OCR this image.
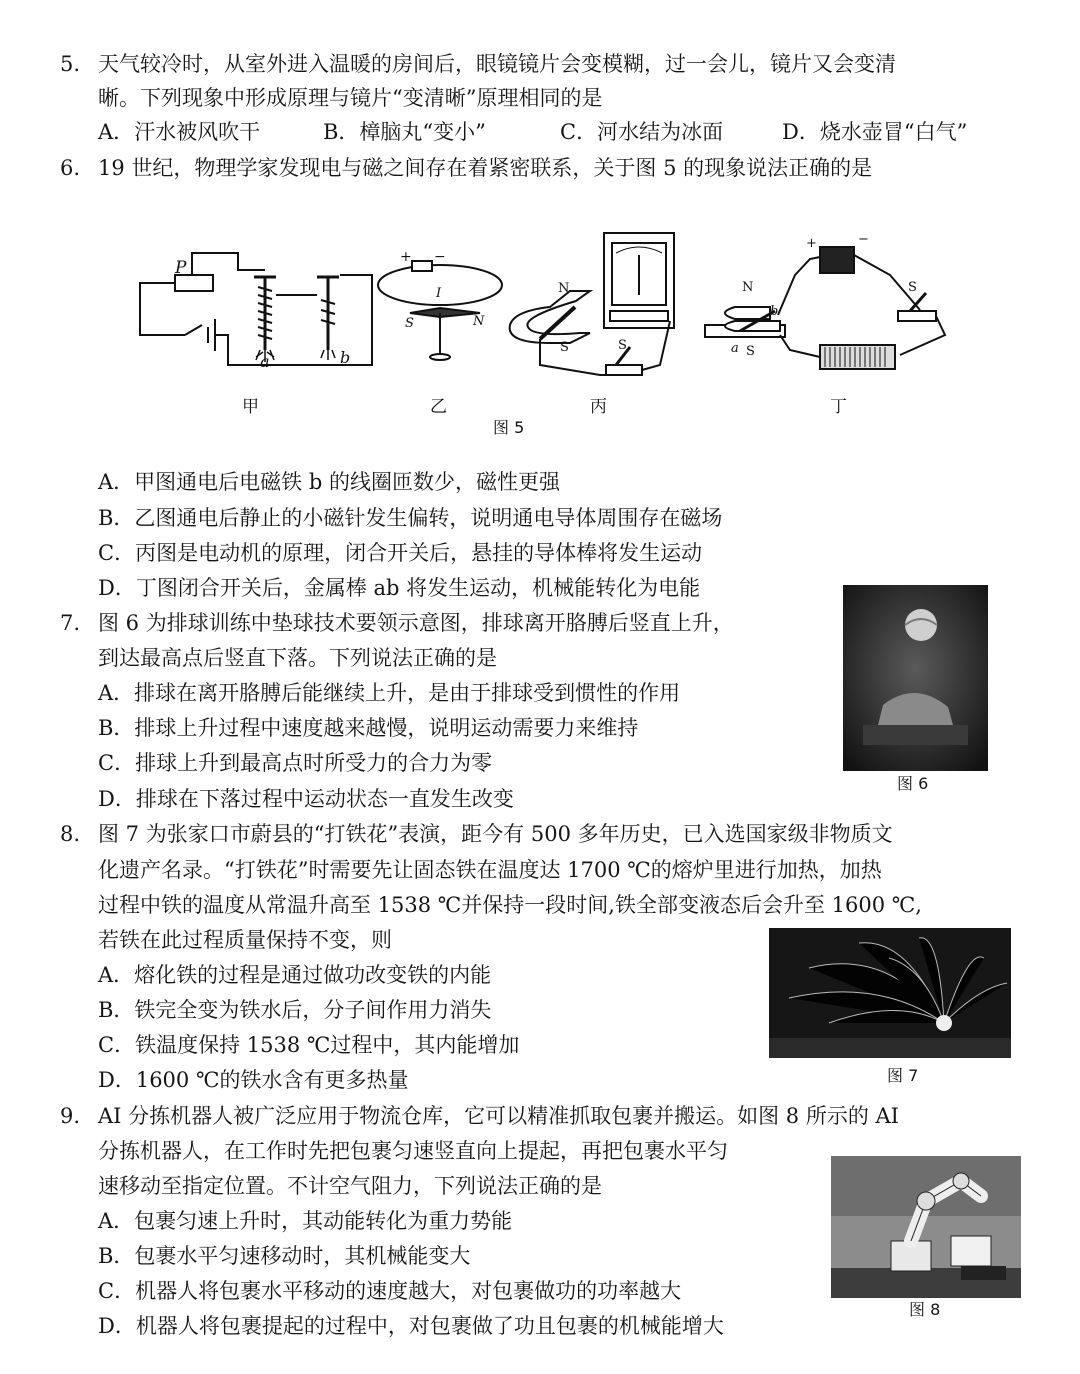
5. 天气较冷时，从室外进入温暖的房间后，眼镜镜片会变模糊，过一会儿，镜片又会变清
晰。下列现象中形成原理与镜片“变清晰”原理相同的是
A．汗水被风吹干	B．樟脑丸“变小”	C．河水结为冰面	D．烧水壶冒“白气”
6. 19 世纪，物理学家发现电与磁之间存在着紧密联系，关于图 5 的现象说法正确的是
P
a	b
甲
+ −
I
S	N
乙
N
S	S
丙
N
S
a
b
+	−
S
丁
图 5
A．甲图通电后电磁铁 b 的线圈匝数少，磁性更强
B．乙图通电后静止的小磁针发生偏转，说明通电导体周围存在磁场
C．丙图是电动机的原理，闭合开关后，悬挂的导体棒将发生运动
D．丁图闭合开关后，金属棒 ab 将发生运动，机械能转化为电能
7. 图 6 为排球训练中垫球技术要领示意图，排球离开胳膊后竖直上升，
到达最高点后竖直下落。下列说法正确的是
A．排球在离开胳膊后能继续上升，是由于排球受到惯性的作用
B．排球上升过程中速度越来越慢，说明运动需要力来维持
C．排球上升到最高点时所受力的合力为零
D．排球在下落过程中运动状态一直发生改变
图 6
8. 图 7 为张家口市蔚县的“打铁花”表演，距今有 500 多年历史，已入选国家级非物质文
化遗产名录。“打铁花”时需要先让固态铁在温度达 1700 ℃的熔炉里进行加热，加热
过程中铁的温度从常温升高至 1538 ℃并保持一段时间,铁全部变液态后会升至 1600 ℃,
若铁在此过程质量保持不变，则
A．熔化铁的过程是通过做功改变铁的内能
B．铁完全变为铁水后，分子间作用力消失
C．铁温度保持 1538 ℃过程中，其内能增加
D．1600 ℃的铁水含有更多热量	图 7
9. AI 分拣机器人被广泛应用于物流仓库，它可以精准抓取包裹并搬运。如图 8 所示的 AI
分拣机器人，在工作时先把包裹匀速竖直向上提起，再把包裹水平匀
速移动至指定位置。不计空气阻力，下列说法正确的是
A．包裹匀速上升时，其动能转化为重力势能
B．包裹水平匀速移动时，其机械能变大
C．机器人将包裹水平移动的速度越大，对包裹做功的功率越大
D．机器人将包裹提起的过程中，对包裹做了功且包裹的机械能增大
图 8
